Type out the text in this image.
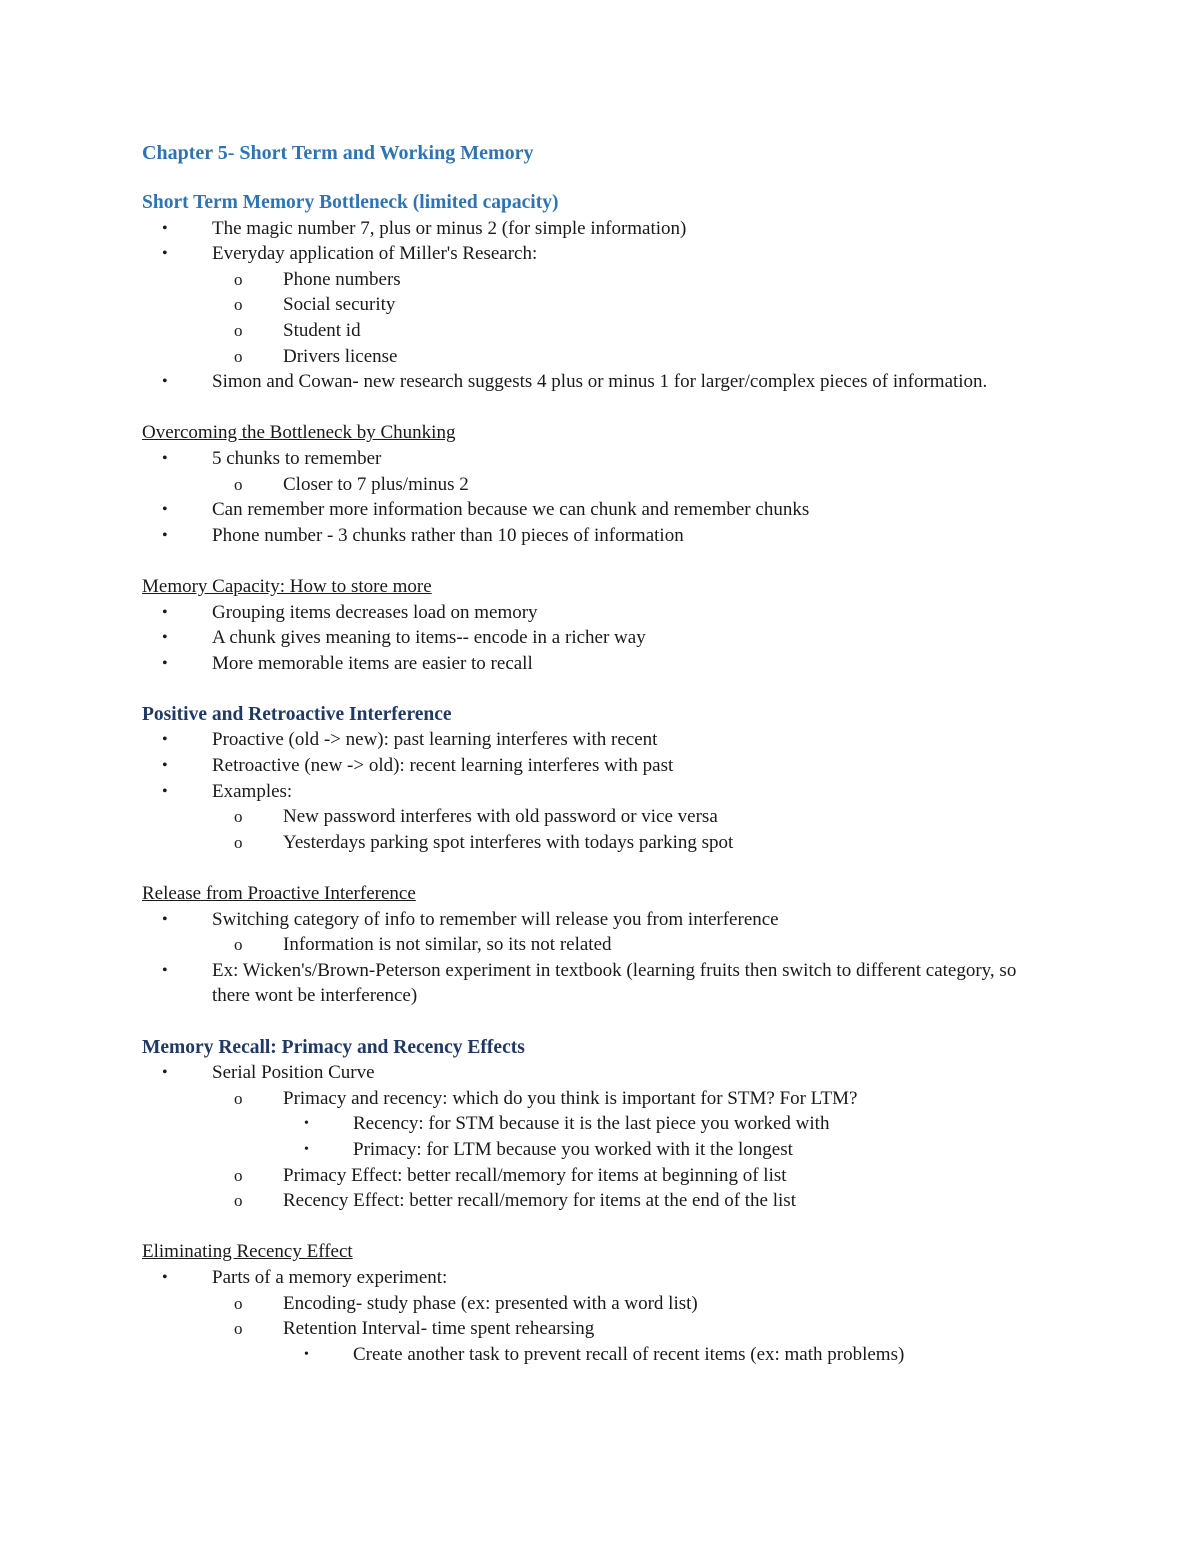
Chapter 5- Short Term and Working Memory
Short Term Memory Bottleneck (limited capacity)
• The magic number 7, plus or minus 2 (for simple information)
• Everyday application of Miller's Research:
o Phone numbers
o Social security
o Student id
o Drivers license
• Simon and Cowan- new research suggests 4 plus or minus 1 for larger/complex pieces of information.
Overcoming the Bottleneck by Chunking
• 5 chunks to remember
o Closer to 7 plus/minus 2
• Can remember more information because we can chunk and remember chunks
• Phone number - 3 chunks rather than 10 pieces of information
Memory Capacity: How to store more
• Grouping items decreases load on memory
• A chunk gives meaning to items-- encode in a richer way
• More memorable items are easier to recall
Positive and Retroactive Interference
• Proactive (old -> new): past learning interferes with recent
• Retroactive (new -> old): recent learning interferes with past
• Examples:
o New password interferes with old password or vice versa
o Yesterdays parking spot interferes with todays parking spot
Release from Proactive Interference
• Switching category of info to remember will release you from interference
o Information is not similar, so its not related
• Ex: Wicken's/Brown-Peterson experiment in textbook (learning fruits then switch to different category, so there wont be interference)
Memory Recall: Primacy and Recency Effects
• Serial Position Curve
o Primacy and recency: which do you think is important for STM? For LTM?
• Recency: for STM because it is the last piece you worked with
• Primacy: for LTM because you worked with it the longest
o Primacy Effect: better recall/memory for items at beginning of list
o Recency Effect: better recall/memory for items at the end of the list
Eliminating Recency Effect
• Parts of a memory experiment:
o Encoding- study phase (ex: presented with a word list)
o Retention Interval- time spent rehearsing
• Create another task to prevent recall of recent items (ex: math problems)
